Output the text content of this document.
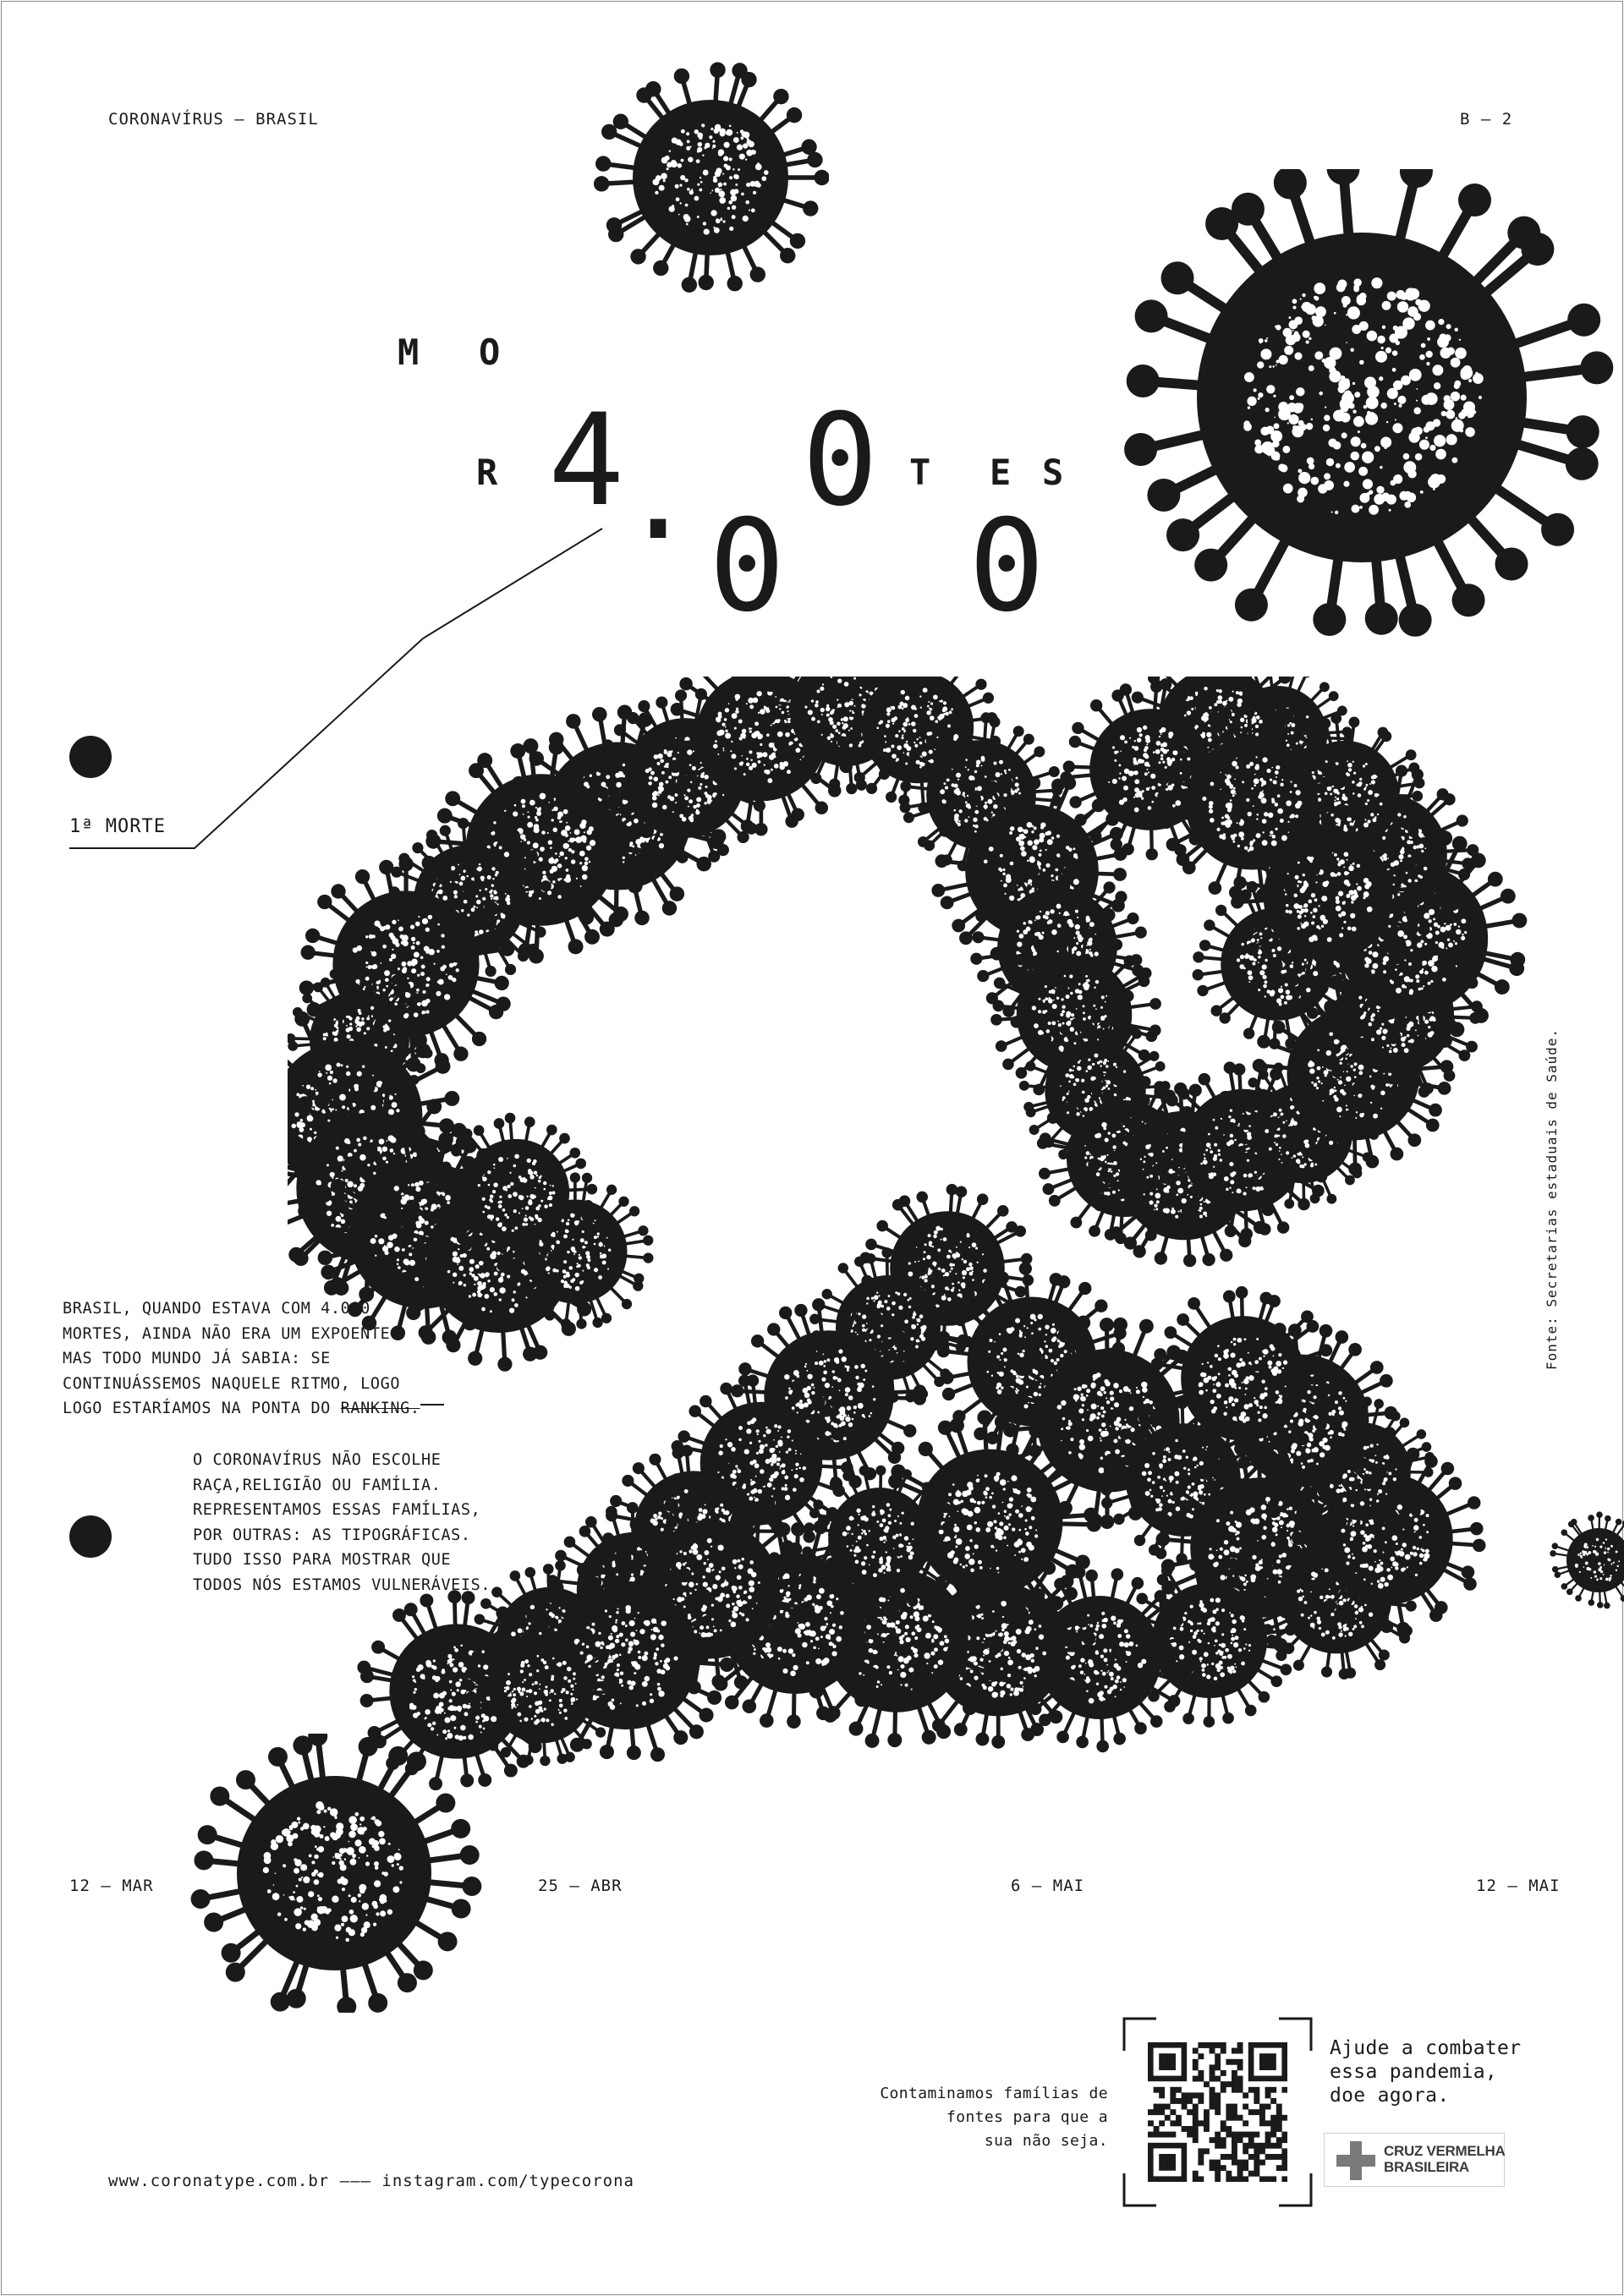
CORONAVÍRUS — BRASIL	B — 2
M O
R	T E S
4
. 0
0 0
1ª MORTE
BRASIL, QUANDO ESTAVA COM 4.000
MORTES, AINDA NÃO ERA UM EXPOENTE.
MAS TODO MUNDO JÁ SABIA: SE
CONTINUÁSSEMOS NAQUELE RITMO, LOGO
LOGO ESTARÍAMOS NA PONTA DO RANKING.
O CORONAVÍRUS NÃO ESCOLHE
RAÇA,RELIGIÃO OU FAMÍLIA.
REPRESENTAMOS ESSAS FAMÍLIAS,
POR OUTRAS: AS TIPOGRÁFICAS.
TUDO ISSO PARA MOSTRAR QUE
TODOS NÓS ESTAMOS VULNERÁVEIS.
Fonte: Secretarias estaduais de Saúde.
12 — MAR	25 — ABR	6 — MAI	12 — MAI
www.coronatype.com.br ——— instagram.com/typecorona
Contaminamos famílias de
fontes para que a
sua não seja.
Ajude a combater
essa pandemia,
doe agora.
CRUZ VERMELHA
BRASILEIRA
